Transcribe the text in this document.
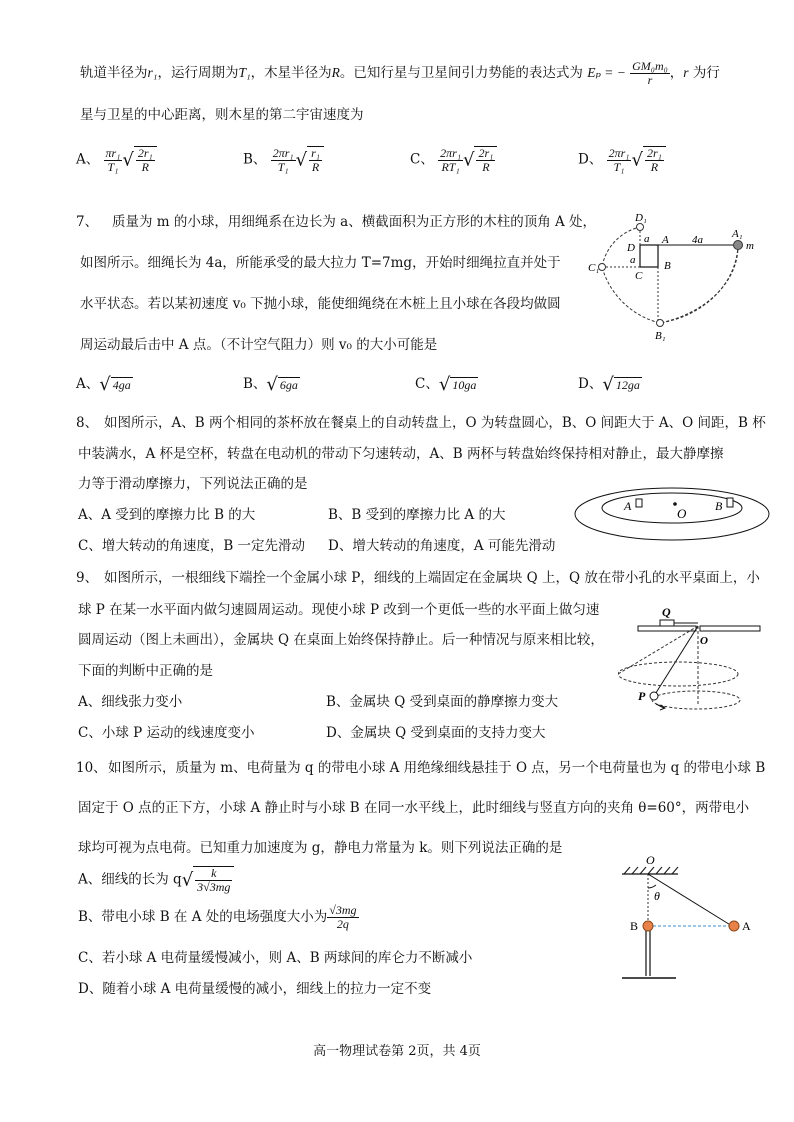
轨道半径为r₁，运行周期为T₁，木星半径为R。已知行星与卫星间引力势能的表达式为 Eₚ = − $\frac{\text{GM₀m₀}}{r}$ ，r 为行
星与卫星的中心距离，则木星的第二宇宙速度为
A、 $\frac{\text{πr₁}}{\text{T₁}}$ √ $\frac{\text{2r₁}}{R}$	B、 $\frac{\text{2πr₁}}{\text{T₁}}$ √ $\frac{\text{r₁}}{R}$	C、 $\frac{\text{2πr₁}}{\text{RT₁}}$ √ $\frac{\text{2r₁}}{R}$	D、 $\frac{\text{2πr₁}}{\text{T₁}}$ √ $\frac{\text{2r₁}}{R}$
7、 质量为 m 的小球，用细绳系在边长为 a、横截面积为正方形的木柱的顶角 A 处，
如图所示。细绳长为 4a，所能承受的最大拉力 T=7mg，开始时细绳拉直并处于
水平状态。若以某初速度 v₀ 下抛小球，能使细绳绕在木桩上且小球在各段均做圆
周运动最后击中 A 点。（不计空气阻力）则 v₀ 的大小可能是
A、√ 4ga	B、√ 6ga	C、√ 10ga	D、√ 12ga
D₁
D
a A 4a	A₁
m
a
C₁
C
B
B₁
8、 如图所示，A、B 两个相同的茶杯放在餐桌上的自动转盘上，O 为转盘圆心，B、O 间距大于 A、O 间距，B 杯
中装满水，A 杯是空杯，转盘在电动机的带动下匀速转动，A、B 两杯与转盘始终保持相对静止，最大静摩擦
力等于滑动摩擦力，下列说法正确的是
A、A 受到的摩擦力比 B 的大	B、B 受到的摩擦力比 A 的大
C、增大转动的角速度，B 一定先滑动 D、增大转动的角速度，A 可能先滑动
A	O B
9、 如图所示，一根细线下端拴一个金属小球 P，细线的上端固定在金属块 Q 上，Q 放在带小孔的水平桌面上，小
球 P 在某一水平面内做匀速圆周运动。现使小球 P 改到一个更低一些的水平面上做匀速
圆周运动（图上未画出），金属块 Q 在桌面上始终保持静止。后一种情况与原来相比较，
下面的判断中正确的是
A、细线张力变小	B、金属块 Q 受到桌面的静摩擦力变大
C、小球 P 运动的线速度变小	D、金属块 Q 受到桌面的支持力变大
Q
O
P
10、 如图所示，质量为 m、电荷量为 q 的带电小球 A 用绝缘细线悬挂于 O 点，另一个电荷量也为 q 的带电小球 B
固定于 O 点的正下方，小球 A 静止时与小球 B 在同一水平线上，此时细线与竖直方向的夹角 θ=60°，两带电小
球均可视为点电荷。已知重力加速度为 g，静电力常量为 k。则下列说法正确的是
A、细线的长为 $q√ \frac{k}{3√3mg}$
B、带电小球 B 在 A 处的电场强度大小为 $\frac{√3mg}{2q}$
C、若小球 A 电荷量缓慢减小，则 A、B 两球间的库仑力不断减小
D、随着小球 A 电荷量缓慢的减小，细线上的拉力一定不变
O
θ
B	A
高一物理试卷第 2页，共 4页
